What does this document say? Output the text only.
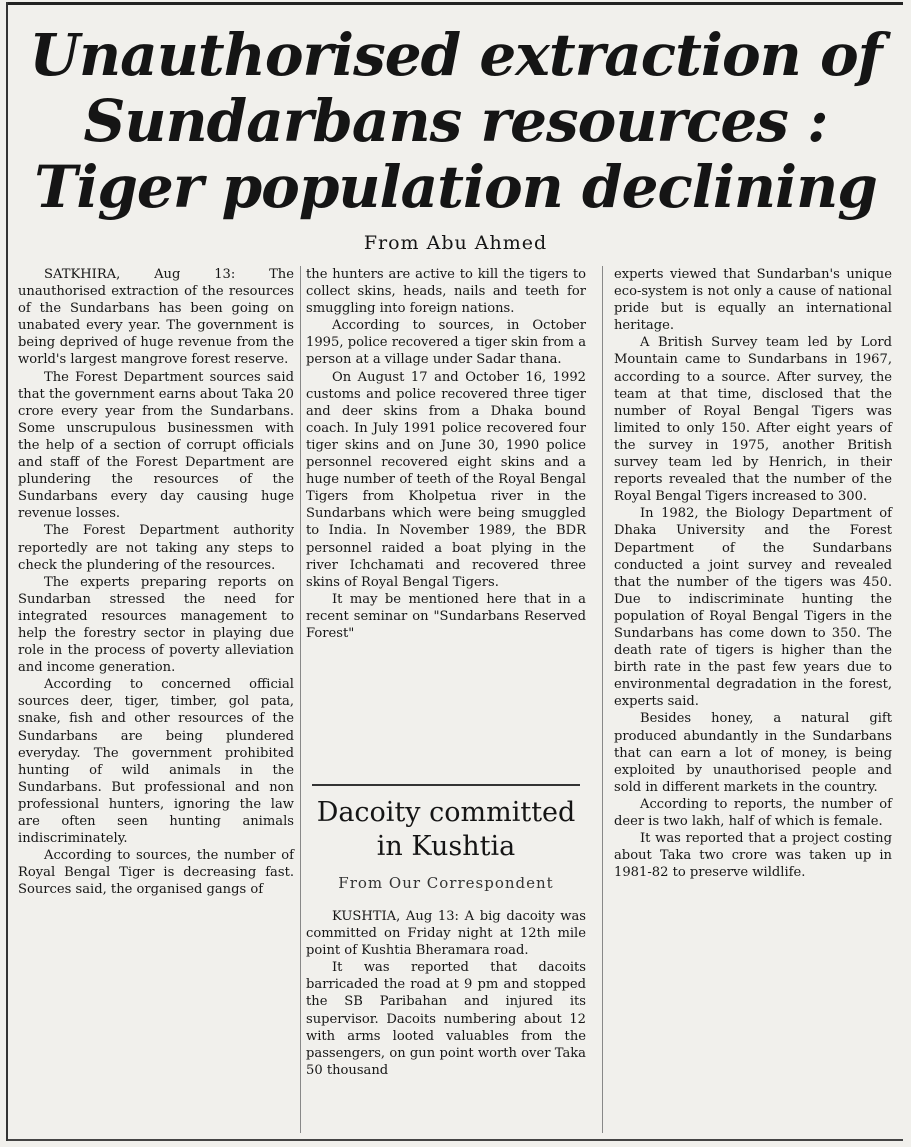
Unauthorised extraction of
Sundarbans resources :
Tiger population declining
From Abu Ahmed

SATKHIRA, Aug 13: The unauthorised extraction of the resources of the Sundarbans has been going on unabated every year. The government is being deprived of huge revenue from the world's largest mangrove forest reserve.

The Forest Department sources said that the government earns about Taka 20 crore every year from the Sundarbans. Some unscrupulous businessmen with the help of a section of corrupt officials and staff of the Forest Department are plundering the resources of the Sundarbans every day causing huge revenue losses.

The Forest Department authority reportedly are not taking any steps to check the plundering of the resources.

The experts preparing reports on Sundarban stressed the need for integrated resources management to help the forestry sector in playing due role in the process of poverty alleviation and income generation.

According to concerned official sources deer, tiger, timber, gol pata, snake, fish and other resources of the Sundarbans are being plundered everyday. The government prohibited hunting of wild animals in the Sundarbans. But professional and non professional hunters, ignoring the law are often seen hunting animals indiscriminately.

According to sources, the number of Royal Bengal Tiger is decreasing fast. Sources said, the organised gangs of

the hunters are active to kill the tigers to collect skins, heads, nails and teeth for smuggling into foreign nations.

According to sources, in October 1995, police recovered a tiger skin from a person at a village under Sadar thana.

On August 17 and October 16, 1992 customs and police recovered three tiger and deer skins from a Dhaka bound coach. In July 1991 police recovered four tiger skins and on June 30, 1990 police personnel recovered eight skins and a huge number of teeth of the Royal Bengal Tigers from Kholpetua river in the Sundarbans which were being smuggled to India. In November 1989, the BDR personnel raided a boat plying in the river Ichchamati and recovered three skins of Royal Bengal Tigers.

It may be mentioned here that in a recent seminar on "Sundarbans Reserved Forest"

Dacoity committed
in Kushtia
From Our Correspondent

KUSHTIA, Aug 13: A big dacoity was committed on Friday night at 12th mile point of Kushtia Bheramara road.

It was reported that dacoits barricaded the road at 9 pm and stopped the SB Paribahan and injured its supervisor. Dacoits numbering about 12 with arms looted valuables from the passengers, on gun point worth over Taka 50 thousand

experts viewed that Sundarban's unique eco-system is not only a cause of national pride but is equally an international heritage.

A British Survey team led by Lord Mountain came to Sundarbans in 1967, according to a source. After survey, the team at that time, disclosed that the number of Royal Bengal Tigers was limited to only 150. After eight years of the survey in 1975, another British survey team led by Henrich, in their reports revealed that the number of the Royal Bengal Tigers increased to 300.

In 1982, the Biology Department of Dhaka University and the Forest Department of the Sundarbans conducted a joint survey and revealed that the number of the tigers was 450. Due to indiscriminate hunting the population of Royal Bengal Tigers in the Sundarbans has come down to 350. The death rate of tigers is higher than the birth rate in the past few years due to environmental degradation in the forest, experts said.

Besides honey, a natural gift produced abundantly in the Sundarbans that can earn a lot of money, is being exploited by unauthorised people and sold in different markets in the country.

According to reports, the number of deer is two lakh, half of which is female.

It was reported that a project costing about Taka two crore was taken up in 1981-82 to preserve wildlife.
